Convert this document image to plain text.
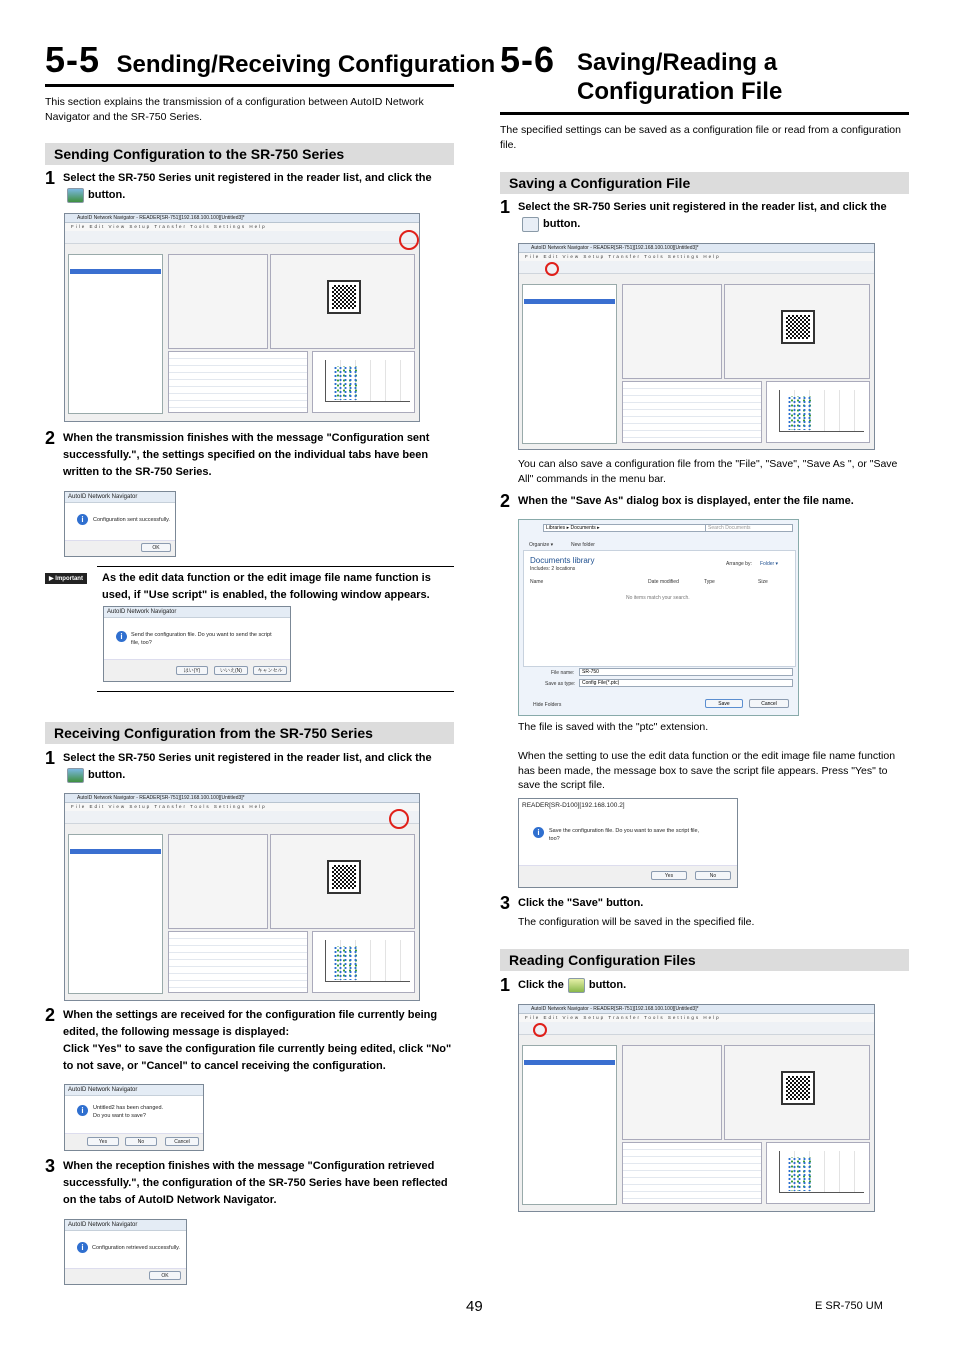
5-5 Sending/Receiving Configuration

This section explains the transmission of a configuration between AutoID Network Navigator and the SR-750 Series.

Sending Configuration to the SR-750 Series
1 Select the SR-750 Series unit registered in the reader list, and click thebutton.
AutoID Network Navigator - READER[SR-751][192.168.100.100][Untitled3]*
File Edit View Setup Transfer Tools Settings Help
2 When the transmission finishes with the message "Configuration sent successfully.", the settings specified on the individual tabs have been written to the SR-750 Series.
AutoID Network Navigator
i	Configuration sent successfully.
OK
▶ Important	As the edit data function or the edit image file name function is used, if "Use script" is enabled, the following window appears.
AutoID Network Navigator
i	Send the configuration file. Do you want to send the script file, too?
はい(Y)	いいえ(N)	キャンセル
Receiving Configuration from the SR-750 Series
1 Select the SR-750 Series unit registered in the reader list, and click thebutton.
AutoID Network Navigator - READER[SR-751][192.168.100.100][Untitled3]*
File Edit View Setup Transfer Tools Settings Help
2 When the settings are received for the configuration file currently being edited, the following message is displayed:
Click "Yes" to save the configuration file currently being edited, click "No" to not save, or "Cancel" to cancel receiving the configuration.
AutoID Network Navigator
i	Untitled2 has been changed.
Do you want to save?
Yes	No	Cancel
3 When the reception finishes with the message "Configuration retrieved successfully.", the configuration of the SR-750 Series have been reflected on the tabs of AutoID Network Navigator.
AutoID Network Navigator
i	Configuration retrieved successfully.
OK
5-6 Saving/Reading a
Configuration File

The specified settings can be saved as a configuration file or read from a configuration file.

Saving a Configuration File
1 Select the SR-750 Series unit registered in the reader list, and click thebutton.
AutoID Network Navigator - READER[SR-751][192.168.100.100][Untitled3]*
File Edit View Setup Transfer Tools Settings Help

You can also save a configuration file from the "File", "Save", "Save As ", or "Save All" commands in the menu bar.

2 When the "Save As" dialog box is displayed, enter the file name.
Libraries ▸ Documents ▸	Search Documents
Organize ▾	New folder
Documents library
Includes: 2 locations
Arrange by: Folder ▾
Name	Date modified	Type	Size
No items match your search.
File name:	SR-750
Save as type:	Config File(*.ptc)
Hide Folders	Save	Cancel

The file is saved with the "ptc" extension.

When the setting to use the edit data function or the edit image file name function has been made, the message box to save the script file appears. Press "Yes" to save the script file.

READER[SR-D100][192.168.100.2]
i	Save the configuration file. Do you want to save the script file,
too?
Yes	No
3 Click the "Save" button.
The configuration will be saved in the specified file.
Reading Configuration Files
1 Click the button.
AutoID Network Navigator - READER[SR-751][192.168.100.100][Untitled3]*
File Edit View Setup Transfer Tools Settings Help
49	E SR-750 UM
